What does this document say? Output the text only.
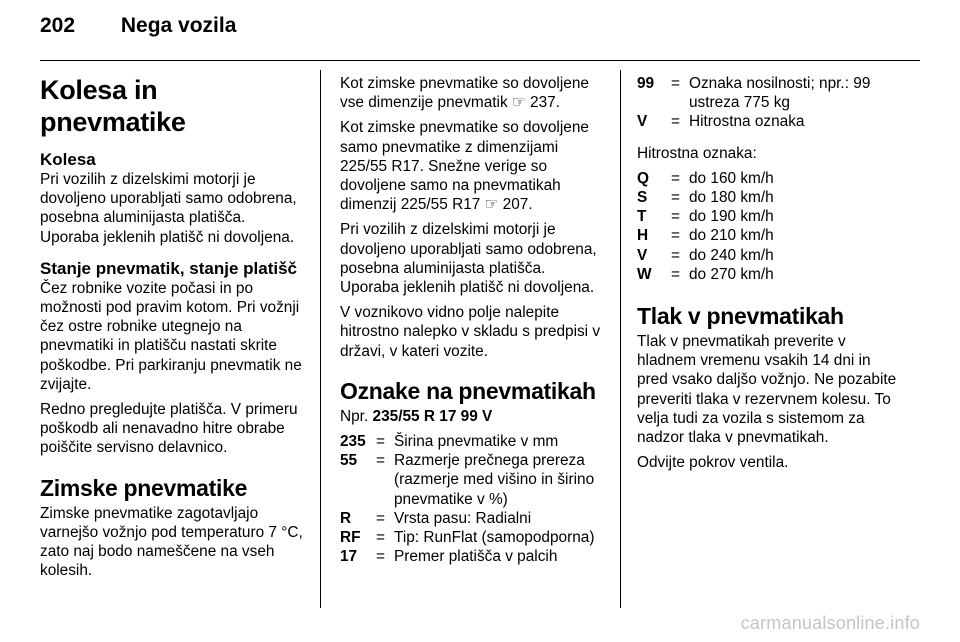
202 Nega vozila
Kolesa in pnevmatike
Kolesa

Pri vozilih z dizelskimi motorji je dovoljeno uporabljati samo odobrena, posebna aluminijasta platišča. Uporaba jeklenih platišč ni dovoljena.

Stanje pnevmatik, stanje platišč

Čez robnike vozite počasi in po možnosti pod pravim kotom. Pri vožnji čez ostre robnike utegnejo na pnevmatiki in platišču nastati skrite poškodbe. Pri parkiranju pnevmatik ne zvijajte.

Redno pregledujte platišča. V primeru poškodb ali nenavadno hitre obrabe poiščite servisno delavnico.

Zimske pnevmatike

Zimske pnevmatike zagotavljajo varnejšo vožnjo pod temperaturo 7 °C, zato naj bodo nameščene na vseh kolesih.

Kot zimske pnevmatike so dovoljene vse dimenzije pnevmatik ☞ 237.

Kot zimske pnevmatike so dovoljene samo pnevmatike z dimenzijami 225/55 R17. Snežne verige so dovoljene samo na pnevmatikah dimenzij 225/55 R17 ☞ 207.

Pri vozilih z dizelskimi motorji je dovoljeno uporabljati samo odobrena, posebna aluminijasta platišča. Uporaba jeklenih platišč ni dovoljena.

V voznikovo vidno polje nalepite hitrostno nalepko v skladu s predpisi v državi, v kateri vozite.

Oznake na pnevmatikah

Npr. 235/55 R 17 99 V

235 = Širina pnevmatike v mm
55	= Razmerje prečnega prereza (razmerje med višino in širino pnevmatike v %)
R	= Vrsta pasu: Radialni
RF	= Tip: RunFlat (samopodporna)
17	= Premer platišča v palcih
99	= Oznaka nosilnosti; npr.: 99 ustreza 775 kg
V	= Hitrostna oznaka

Hitrostna oznaka:

Q	= do 160 km/h
S	= do 180 km/h
T	= do 190 km/h
H	= do 210 km/h
V	= do 240 km/h
W	= do 270 km/h
Tlak v pnevmatikah

Tlak v pnevmatikah preverite v hladnem vremenu vsakih 14 dni in pred vsako daljšo vožnjo. Ne pozabite preveriti tlaka v rezervnem kolesu. To velja tudi za vozila s sistemom za nadzor tlaka v pnevmatikah.

Odvijte pokrov ventila.

carmanualsonline.info
